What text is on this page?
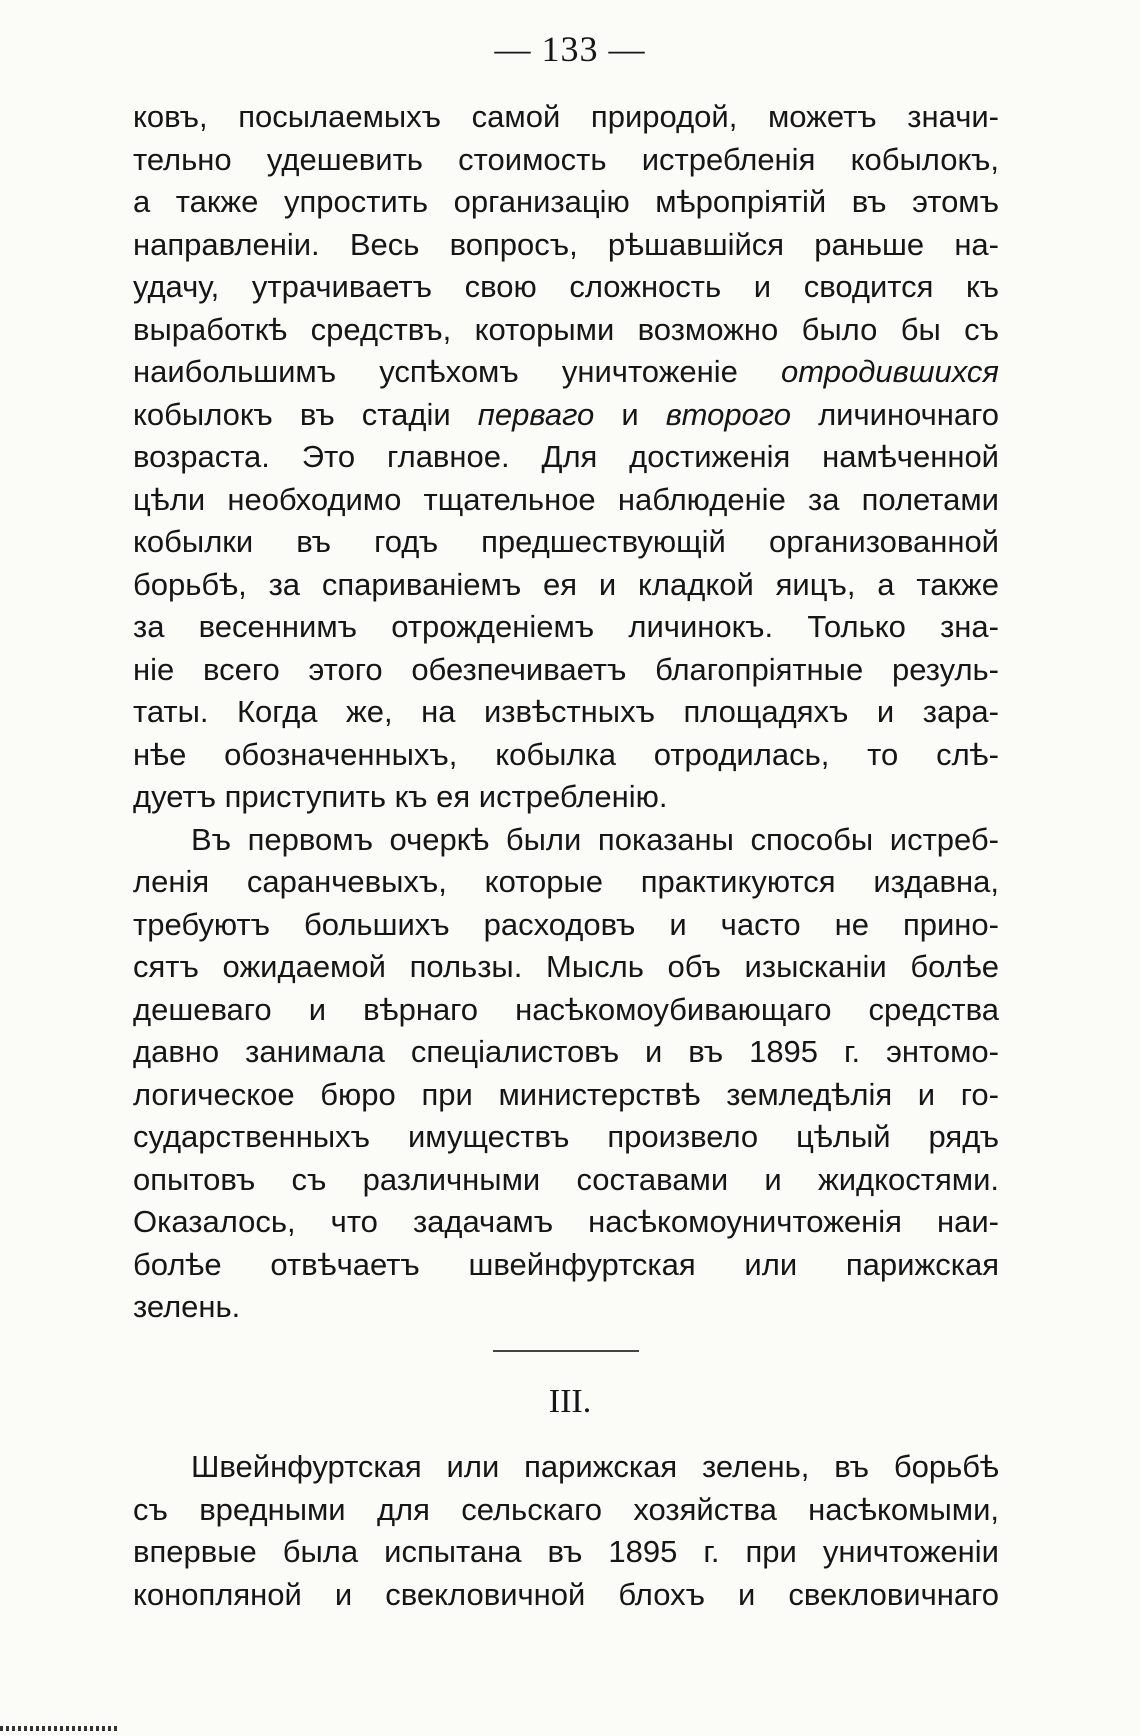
— 133 —
ковъ, посылаемыхъ самой природой, можетъ значи-
тельно удешевить стоимость истребленія кобылокъ,
а также упростить организацію мѣропріятій въ этомъ
направленіи. Весь вопросъ, рѣшавшійся раньше на-
удачу, утрачиваетъ свою сложность и сводится къ
выработкѣ средствъ, которыми возможно было бы съ
наибольшимъ успѣхомъ уничтоженіе отродившихся
кобылокъ въ стадіи перваго и второго личиночнаго
возраста. Это главное. Для достиженія намѣченной
цѣли необходимо тщательное наблюденіе за полетами
кобылки въ годъ предшествующій организованной
борьбѣ, за спариваніемъ ея и кладкой яицъ, а также
за весеннимъ отрожденіемъ личинокъ. Только зна-
ніе всего этого обезпечиваетъ благопріятные резуль-
таты. Когда же, на извѣстныхъ площадяхъ и зара-
нѣе обозначенныхъ, кобылка отродилась, то слѣ-
дуетъ приступить къ ея истребленію.
Въ первомъ очеркѣ были показаны способы истреб-
ленія саранчевыхъ, которые практикуются издавна,
требуютъ большихъ расходовъ и часто не прино-
сятъ ожидаемой пользы. Мысль объ изысканіи болѣе
дешеваго и вѣрнаго насѣкомоубивающаго средства
давно занимала спеціалистовъ и въ 1895 г. энтомо-
логическое бюро при министерствѣ земледѣлія и го-
сударственныхъ имуществъ произвело цѣлый рядъ
опытовъ съ различными составами и жидкостями.
Оказалось, что задачамъ насѣкомоуничтоженія наи-
болѣе отвѣчаетъ швейнфуртская или парижская
зелень.
III.
Швейнфуртская или парижская зелень, въ борьбѣ
съ вредными для сельскаго хозяйства насѣкомыми,
впервые была испытана въ 1895 г. при уничтоженіи
конопляной и свекловичной блохъ и свекловичнаго
